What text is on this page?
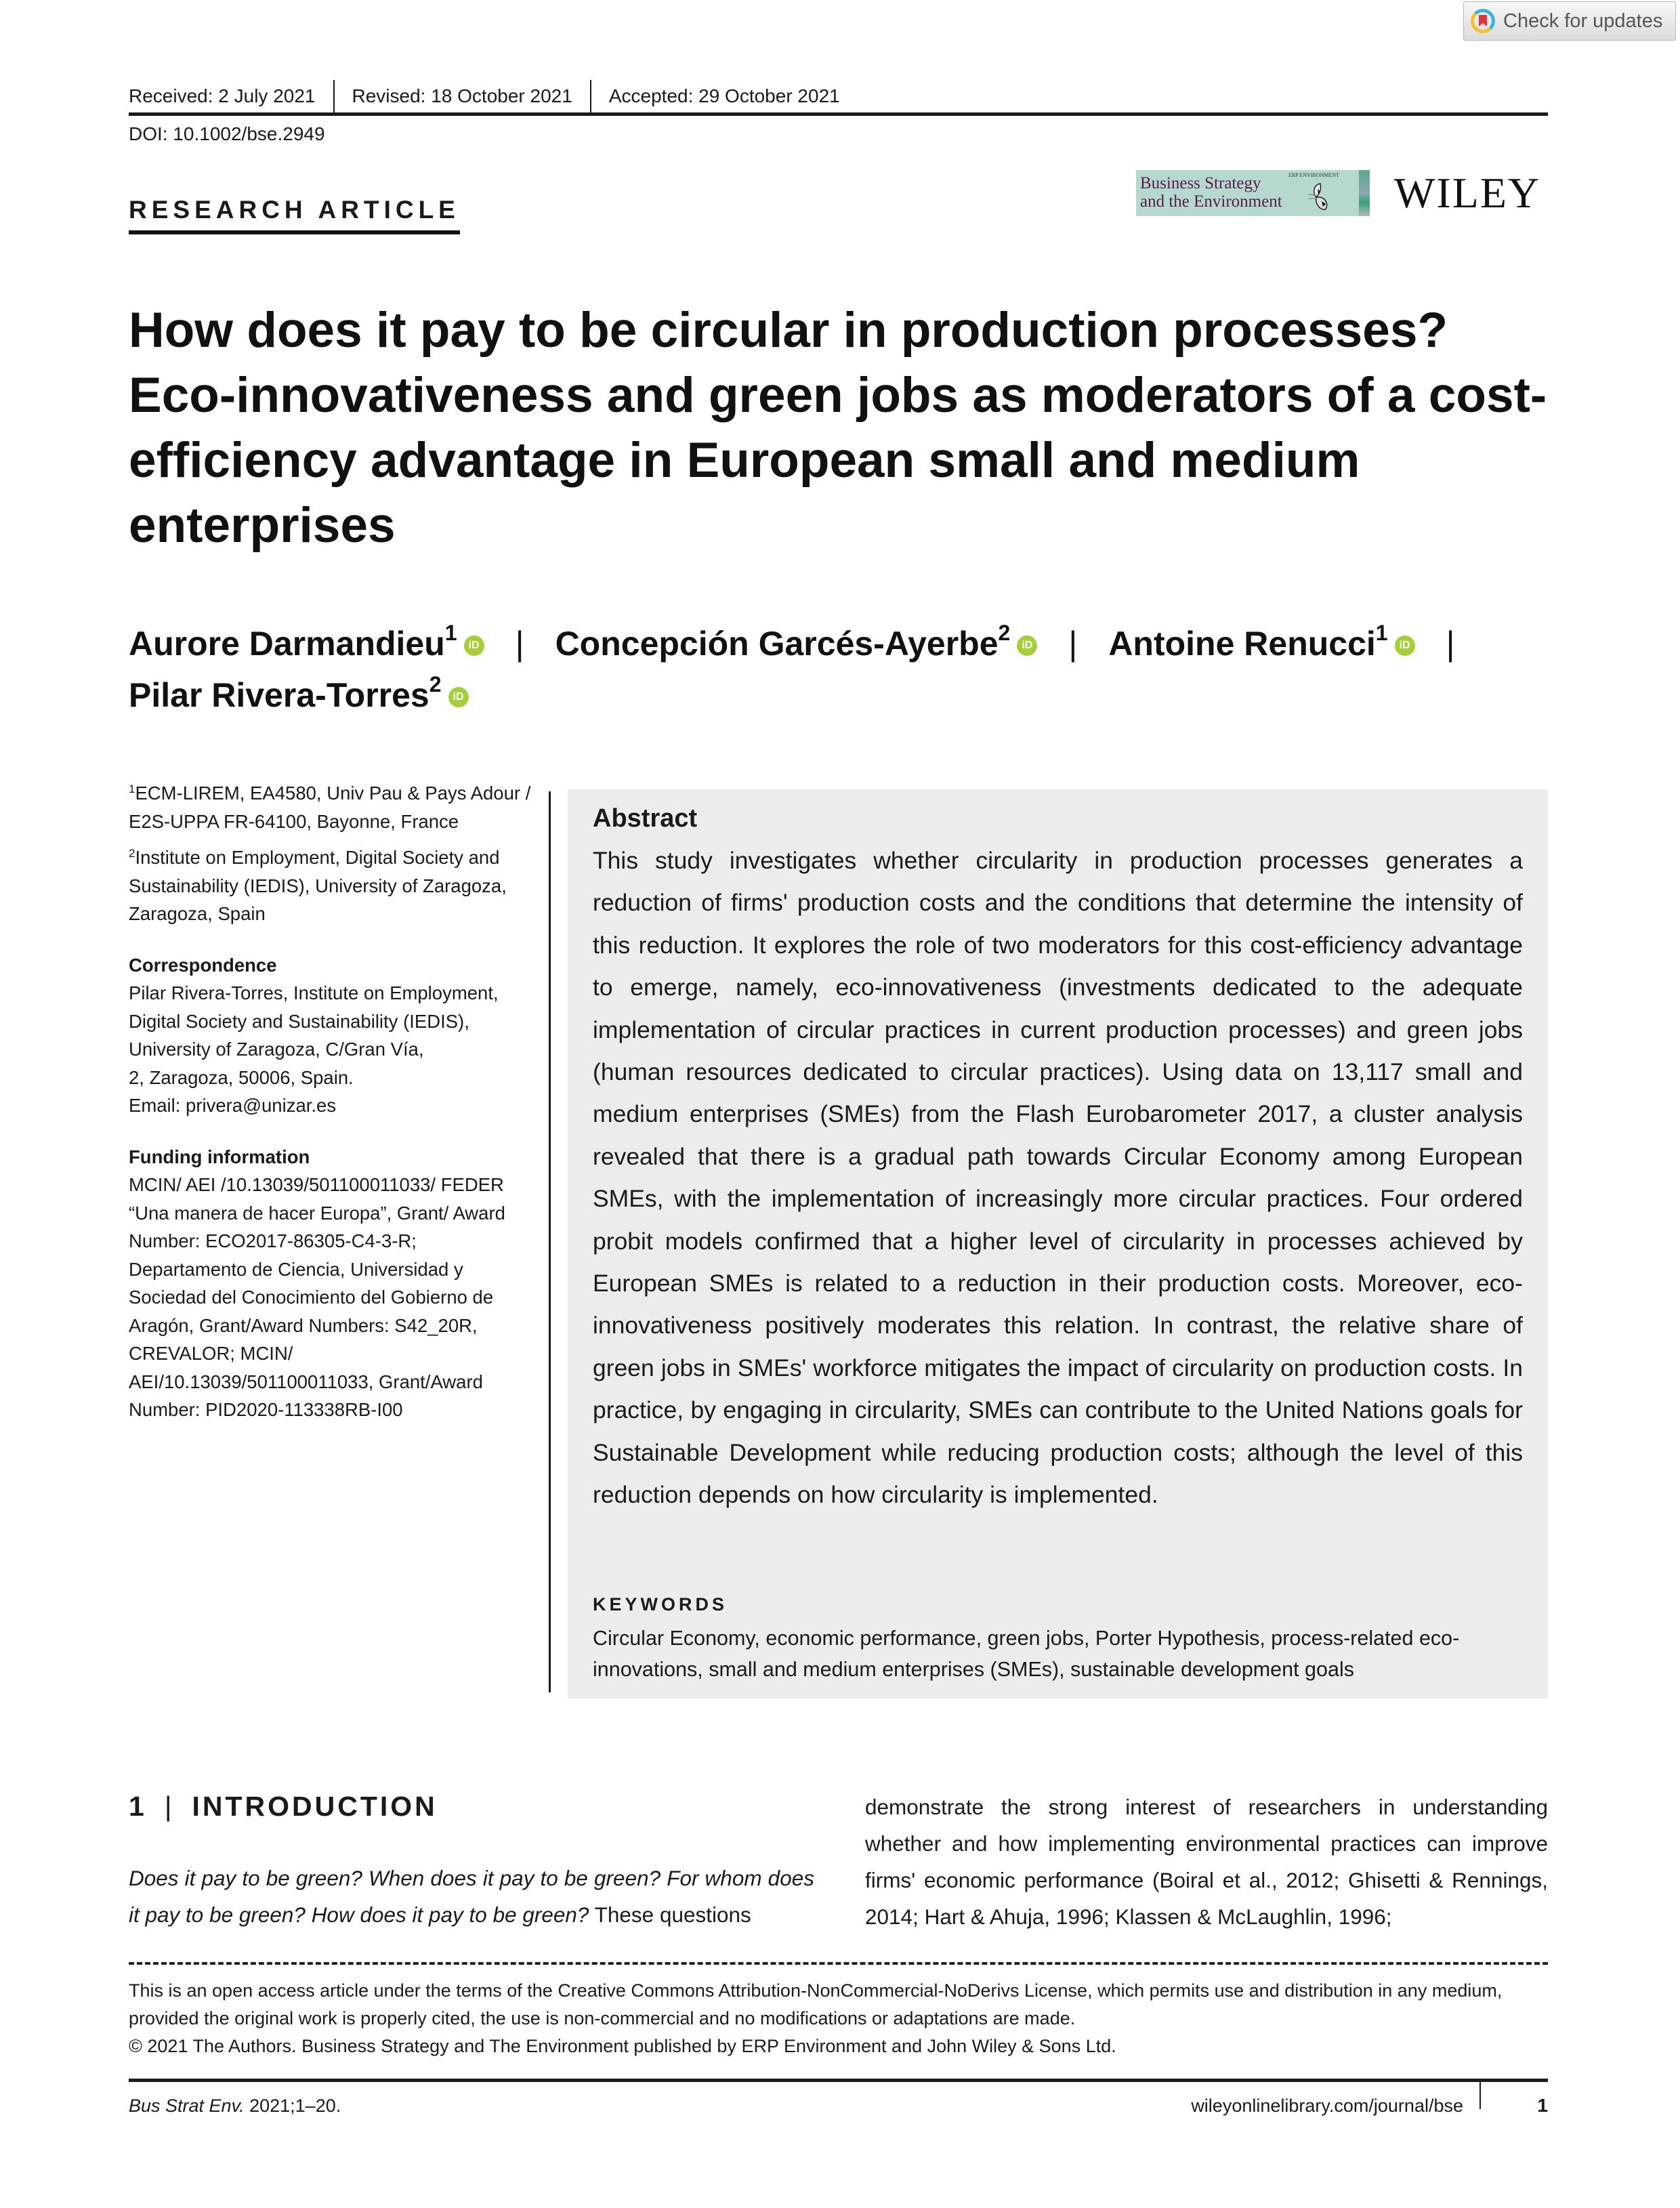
Check for updates
Received: 2 July 2021	Revised: 18 October 2021	Accepted: 29 October 2021
DOI: 10.1002/bse.2949
RESEARCH ARTICLE
Business Strategy
and the Environment
ERP ENVIRONMENT WILEY
How does it pay to be circular in production processes? Eco-innovativeness and green jobs as moderators of a cost-efficiency advantage in European small and medium enterprises
Aurore Darmandieu$^1$iD | Concepción Garcés-Ayerbe$^2$iD | Antoine Renucci$^1$iD |
Pilar Rivera-Torres$^2$iD

$^1$ECM-LIREM, EA4580, Univ Pau & Pays Adour / E2S-UPPA FR-64100, Bayonne, France

$^2$Institute on Employment, Digital Society and Sustainability (IEDIS), University of Zaragoza, Zaragoza, Spain

Correspondence
Pilar Rivera-Torres, Institute on Employment, Digital Society and Sustainability (IEDIS), University of Zaragoza, C/Gran Vía,
2, Zaragoza, 50006, Spain.
Email: privera@unizar.es

Funding information
MCIN/ AEI /10.13039/501100011033/ FEDER “Una manera de hacer Europa”, Grant/ Award Number: ECO2017-86305-C4-3-R; Departamento de Ciencia, Universidad y Sociedad del Conocimiento del Gobierno de Aragón, Grant/Award Numbers: S42_20R, CREVALOR; MCIN/ AEI/10.13039/501100011033, Grant/Award Number: PID2020-113338RB-I00

Abstract
This study investigates whether circularity in production processes generates a reduction of firms' production costs and the conditions that determine the intensity of this reduction. It explores the role of two moderators for this cost-efficiency advantage to emerge, namely, eco-innovativeness (investments dedicated to the adequate implementation of circular practices in current production processes) and green jobs (human resources dedicated to circular practices). Using data on 13,117 small and medium enterprises (SMEs) from the Flash Eurobarometer 2017, a cluster analysis revealed that there is a gradual path towards Circular Economy among European SMEs, with the implementation of increasingly more circular practices. Four ordered probit models confirmed that a higher level of circularity in processes achieved by European SMEs is related to a reduction in their production costs. Moreover, eco-innovativeness positively moderates this relation. In contrast, the relative share of green jobs in SMEs' workforce mitigates the impact of circularity on production costs. In practice, by engaging in circularity, SMEs can contribute to the United Nations goals for Sustainable Development while reducing production costs; although the level of this reduction depends on how circularity is implemented.
KEYWORDS
Circular Economy, economic performance, green jobs, Porter Hypothesis, process-related eco-innovations, small and medium enterprises (SMEs), sustainable development goals
1 | INTRODUCTION
Does it pay to be green? When does it pay to be green? For whom does it pay to be green? How does it pay to be green? These questions
demonstrate the strong interest of researchers in understanding whether and how implementing environmental practices can improve firms' economic performance (Boiral et al., 2012; Ghisetti & Rennings, 2014; Hart & Ahuja, 1996; Klassen & McLaughlin, 1996;

This is an open access article under the terms of the Creative Commons Attribution-NonCommercial-NoDerivs License, which permits use and distribution in any medium, provided the original work is properly cited, the use is non-commercial and no modifications or adaptations are made.

© 2021 The Authors. Business Strategy and The Environment published by ERP Environment and John Wiley & Sons Ltd.

Bus Strat Env. 2021;1–20.	wileyonlinelibrary.com/journal/bse	1
